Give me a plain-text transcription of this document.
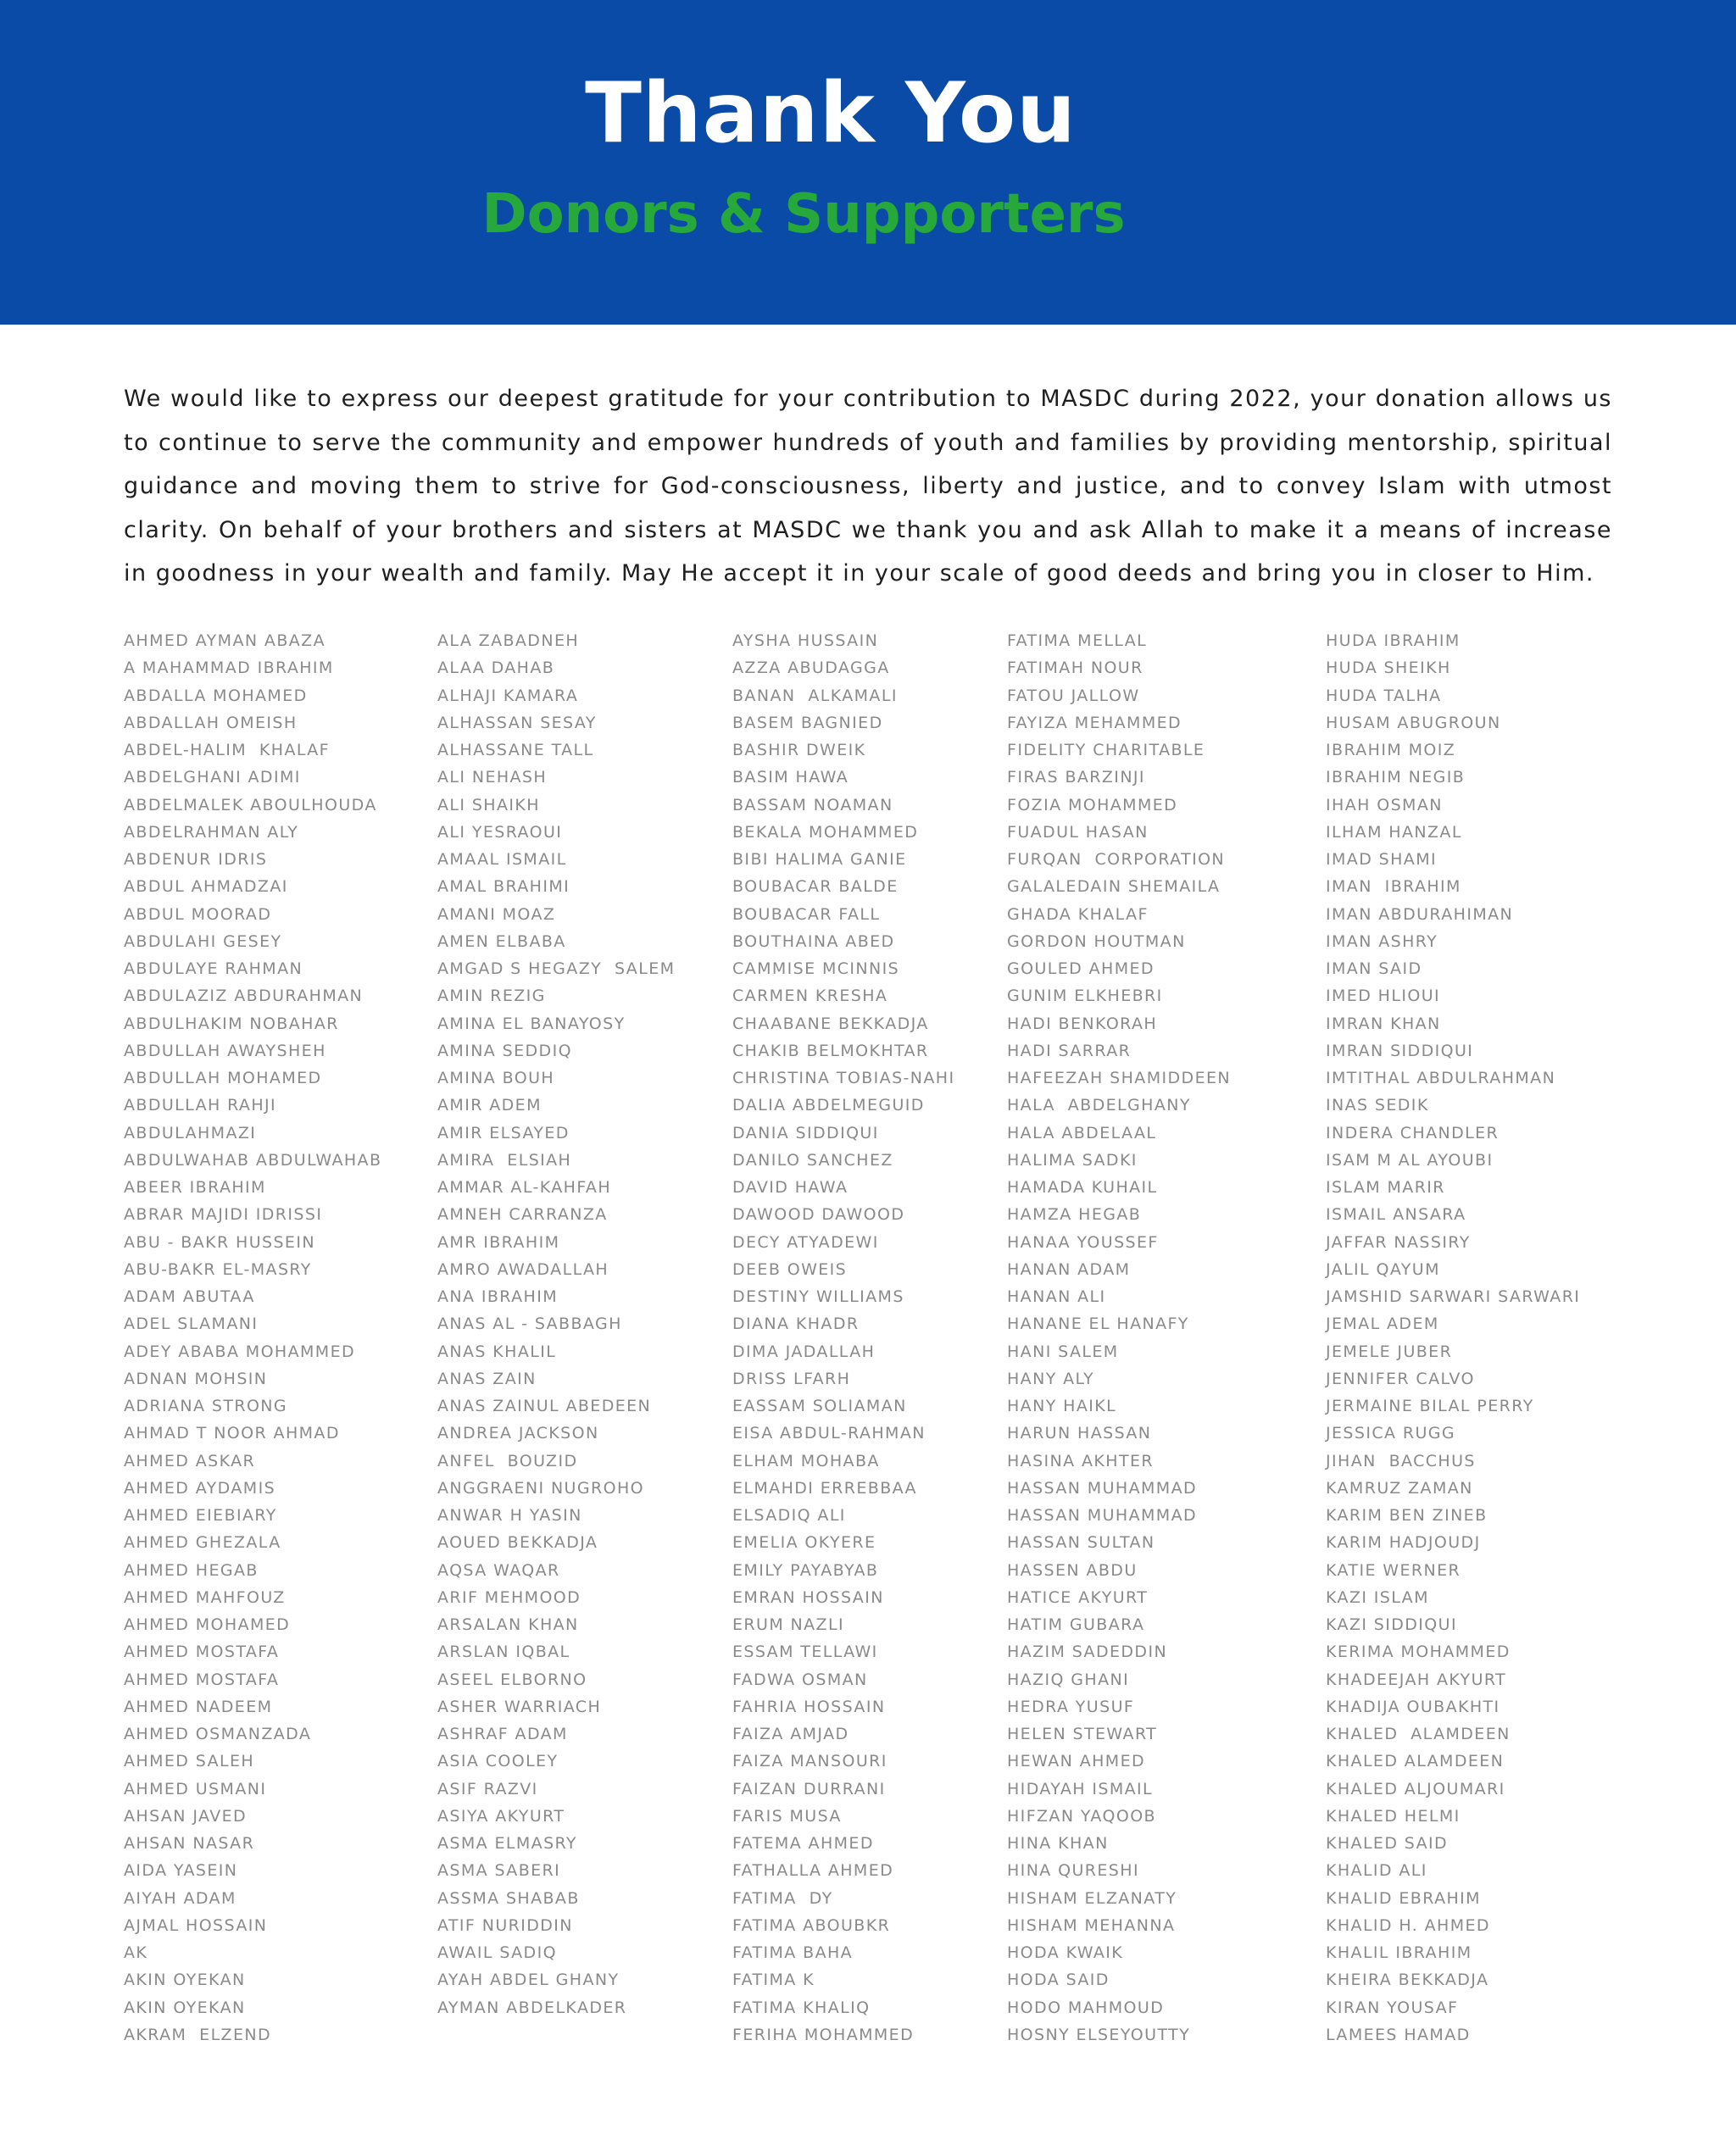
Thank You
Donors & Supporters

We would like to express our deepest gratitude for your contribution to MASDC during 2022, your donation allows us to continue to serve the community and empower hundreds of youth and families by providing mentorship, spiritual guidance and moving them to strive for God-consciousness, liberty and justice, and to convey Islam with utmost clarity. On behalf of your brothers and sisters at MASDC we thank you and ask Allah to make it a means of increase in goodness in your wealth and family. May He accept it in your scale of good deeds and bring you in closer to Him.

AHMED AYMAN ABAZA
A MAHAMMAD IBRAHIM
ABDALLA MOHAMED
ABDALLAH OMEISH
ABDEL-HALIM  KHALAF
ABDELGHANI ADIMI
ABDELMALEK ABOULHOUDA
ABDELRAHMAN ALY
ABDENUR IDRIS
ABDUL AHMADZAI
ABDUL MOORAD
ABDULAHI GESEY
ABDULAYE RAHMAN
ABDULAZIZ ABDURAHMAN
ABDULHAKIM NOBAHAR
ABDULLAH AWAYSHEH
ABDULLAH MOHAMED
ABDULLAH RAHJI
ABDULAHMAZI
ABDULWAHAB ABDULWAHAB
ABEER IBRAHIM
ABRAR MAJIDI IDRISSI
ABU - BAKR HUSSEIN
ABU-BAKR EL-MASRY
ADAM ABUTAA
ADEL SLAMANI
ADEY ABABA MOHAMMED
ADNAN MOHSIN
ADRIANA STRONG
AHMAD T NOOR AHMAD
AHMED ASKAR
AHMED AYDAMIS
AHMED EIEBIARY
AHMED GHEZALA
AHMED HEGAB
AHMED MAHFOUZ
AHMED MOHAMED
AHMED MOSTAFA
AHMED MOSTAFA
AHMED NADEEM
AHMED OSMANZADA
AHMED SALEH
AHMED USMANI
AHSAN JAVED
AHSAN NASAR
AIDA YASEIN
AIYAH ADAM
AJMAL HOSSAIN
AK
AKIN OYEKAN
AKIN OYEKAN
AKRAM  ELZEND
ALA ZABADNEH
ALAA DAHAB
ALHAJI KAMARA
ALHASSAN SESAY
ALHASSANE TALL
ALI NEHASH
ALI SHAIKH
ALI YESRAOUI
AMAAL ISMAIL
AMAL BRAHIMI
AMANI MOAZ
AMEN ELBABA
AMGAD S HEGAZY  SALEM
AMIN REZIG
AMINA EL BANAYOSY
AMINA SEDDIQ
AMINA BOUH
AMIR ADEM
AMIR ELSAYED
AMIRA  ELSIAH
AMMAR AL-KAHFAH
AMNEH CARRANZA
AMR IBRAHIM
AMRO AWADALLAH
ANA IBRAHIM
ANAS AL - SABBAGH
ANAS KHALIL
ANAS ZAIN
ANAS ZAINUL ABEDEEN
ANDREA JACKSON
ANFEL  BOUZID
ANGGRAENI NUGROHO
ANWAR H YASIN
AOUED BEKKADJA
AQSA WAQAR
ARIF MEHMOOD
ARSALAN KHAN
ARSLAN IQBAL
ASEEL ELBORNO
ASHER WARRIACH
ASHRAF ADAM
ASIA COOLEY
ASIF RAZVI
ASIYA AKYURT
ASMA ELMASRY
ASMA SABERI
ASSMA SHABAB
ATIF NURIDDIN
AWAIL SADIQ
AYAH ABDEL GHANY
AYMAN ABDELKADER
AYSHA HUSSAIN
AZZA ABUDAGGA
BANAN  ALKAMALI
BASEM BAGNIED
BASHIR DWEIK
BASIM HAWA
BASSAM NOAMAN
BEKALA MOHAMMED
BIBI HALIMA GANIE
BOUBACAR BALDE
BOUBACAR FALL
BOUTHAINA ABED
CAMMISE MCINNIS
CARMEN KRESHA
CHAABANE BEKKADJA
CHAKIB BELMOKHTAR
CHRISTINA TOBIAS-NAHI
DALIA ABDELMEGUID
DANIA SIDDIQUI
DANILO SANCHEZ
DAVID HAWA
DAWOOD DAWOOD
DECY ATYADEWI
DEEB OWEIS
DESTINY WILLIAMS
DIANA KHADR
DIMA JADALLAH
DRISS LFARH
EASSAM SOLIAMAN
EISA ABDUL-RAHMAN
ELHAM MOHABA
ELMAHDI ERREBBAA
ELSADIQ ALI
EMELIA OKYERE
EMILY PAYABYAB
EMRAN HOSSAIN
ERUM NAZLI
ESSAM TELLAWI
FADWA OSMAN
FAHRIA HOSSAIN
FAIZA AMJAD
FAIZA MANSOURI
FAIZAN DURRANI
FARIS MUSA
FATEMA AHMED
FATHALLA AHMED
FATIMA  DY
FATIMA ABOUBKR
FATIMA BAHA
FATIMA K
FATIMA KHALIQ
FERIHA MOHAMMED
FATIMA MELLAL
FATIMAH NOUR
FATOU JALLOW
FAYIZA MEHAMMED
FIDELITY CHARITABLE
FIRAS BARZINJI
FOZIA MOHAMMED
FUADUL HASAN
FURQAN  CORPORATION
GALALEDAIN SHEMAILA
GHADA KHALAF
GORDON HOUTMAN
GOULED AHMED
GUNIM ELKHEBRI
HADI BENKORAH
HADI SARRAR
HAFEEZAH SHAMIDDEEN
HALA  ABDELGHANY
HALA ABDELAAL
HALIMA SADKI
HAMADA KUHAIL
HAMZA HEGAB
HANAA YOUSSEF
HANAN ADAM
HANAN ALI
HANANE EL HANAFY
HANI SALEM
HANY ALY
HANY HAIKL
HARUN HASSAN
HASINA AKHTER
HASSAN MUHAMMAD
HASSAN MUHAMMAD
HASSAN SULTAN
HASSEN ABDU
HATICE AKYURT
HATIM GUBARA
HAZIM SADEDDIN
HAZIQ GHANI
HEDRA YUSUF
HELEN STEWART
HEWAN AHMED
HIDAYAH ISMAIL
HIFZAN YAQOOB
HINA KHAN
HINA QURESHI
HISHAM ELZANATY
HISHAM MEHANNA
HODA KWAIK
HODA SAID
HODO MAHMOUD
HOSNY ELSEYOUTTY
HUDA IBRAHIM
HUDA SHEIKH
HUDA TALHA
HUSAM ABUGROUN
IBRAHIM MOIZ
IBRAHIM NEGIB
IHAH OSMAN
ILHAM HANZAL
IMAD SHAMI
IMAN  IBRAHIM
IMAN ABDURAHIMAN
IMAN ASHRY
IMAN SAID
IMED HLIOUI
IMRAN KHAN
IMRAN SIDDIQUI
IMTITHAL ABDULRAHMAN
INAS SEDIK
INDERA CHANDLER
ISAM M AL AYOUBI
ISLAM MARIR
ISMAIL ANSARA
JAFFAR NASSIRY
JALIL QAYUM
JAMSHID SARWARI SARWARI
JEMAL ADEM
JEMELE JUBER
JENNIFER CALVO
JERMAINE BILAL PERRY
JESSICA RUGG
JIHAN  BACCHUS
KAMRUZ ZAMAN
KARIM BEN ZINEB
KARIM HADJOUDJ
KATIE WERNER
KAZI ISLAM
KAZI SIDDIQUI
KERIMA MOHAMMED
KHADEEJAH AKYURT
KHADIJA OUBAKHTI
KHALED  ALAMDEEN
KHALED ALAMDEEN
KHALED ALJOUMARI
KHALED HELMI
KHALED SAID
KHALID ALI
KHALID EBRAHIM
KHALID H. AHMED
KHALIL IBRAHIM
KHEIRA BEKKADJA
KIRAN YOUSAF
LAMEES HAMAD
